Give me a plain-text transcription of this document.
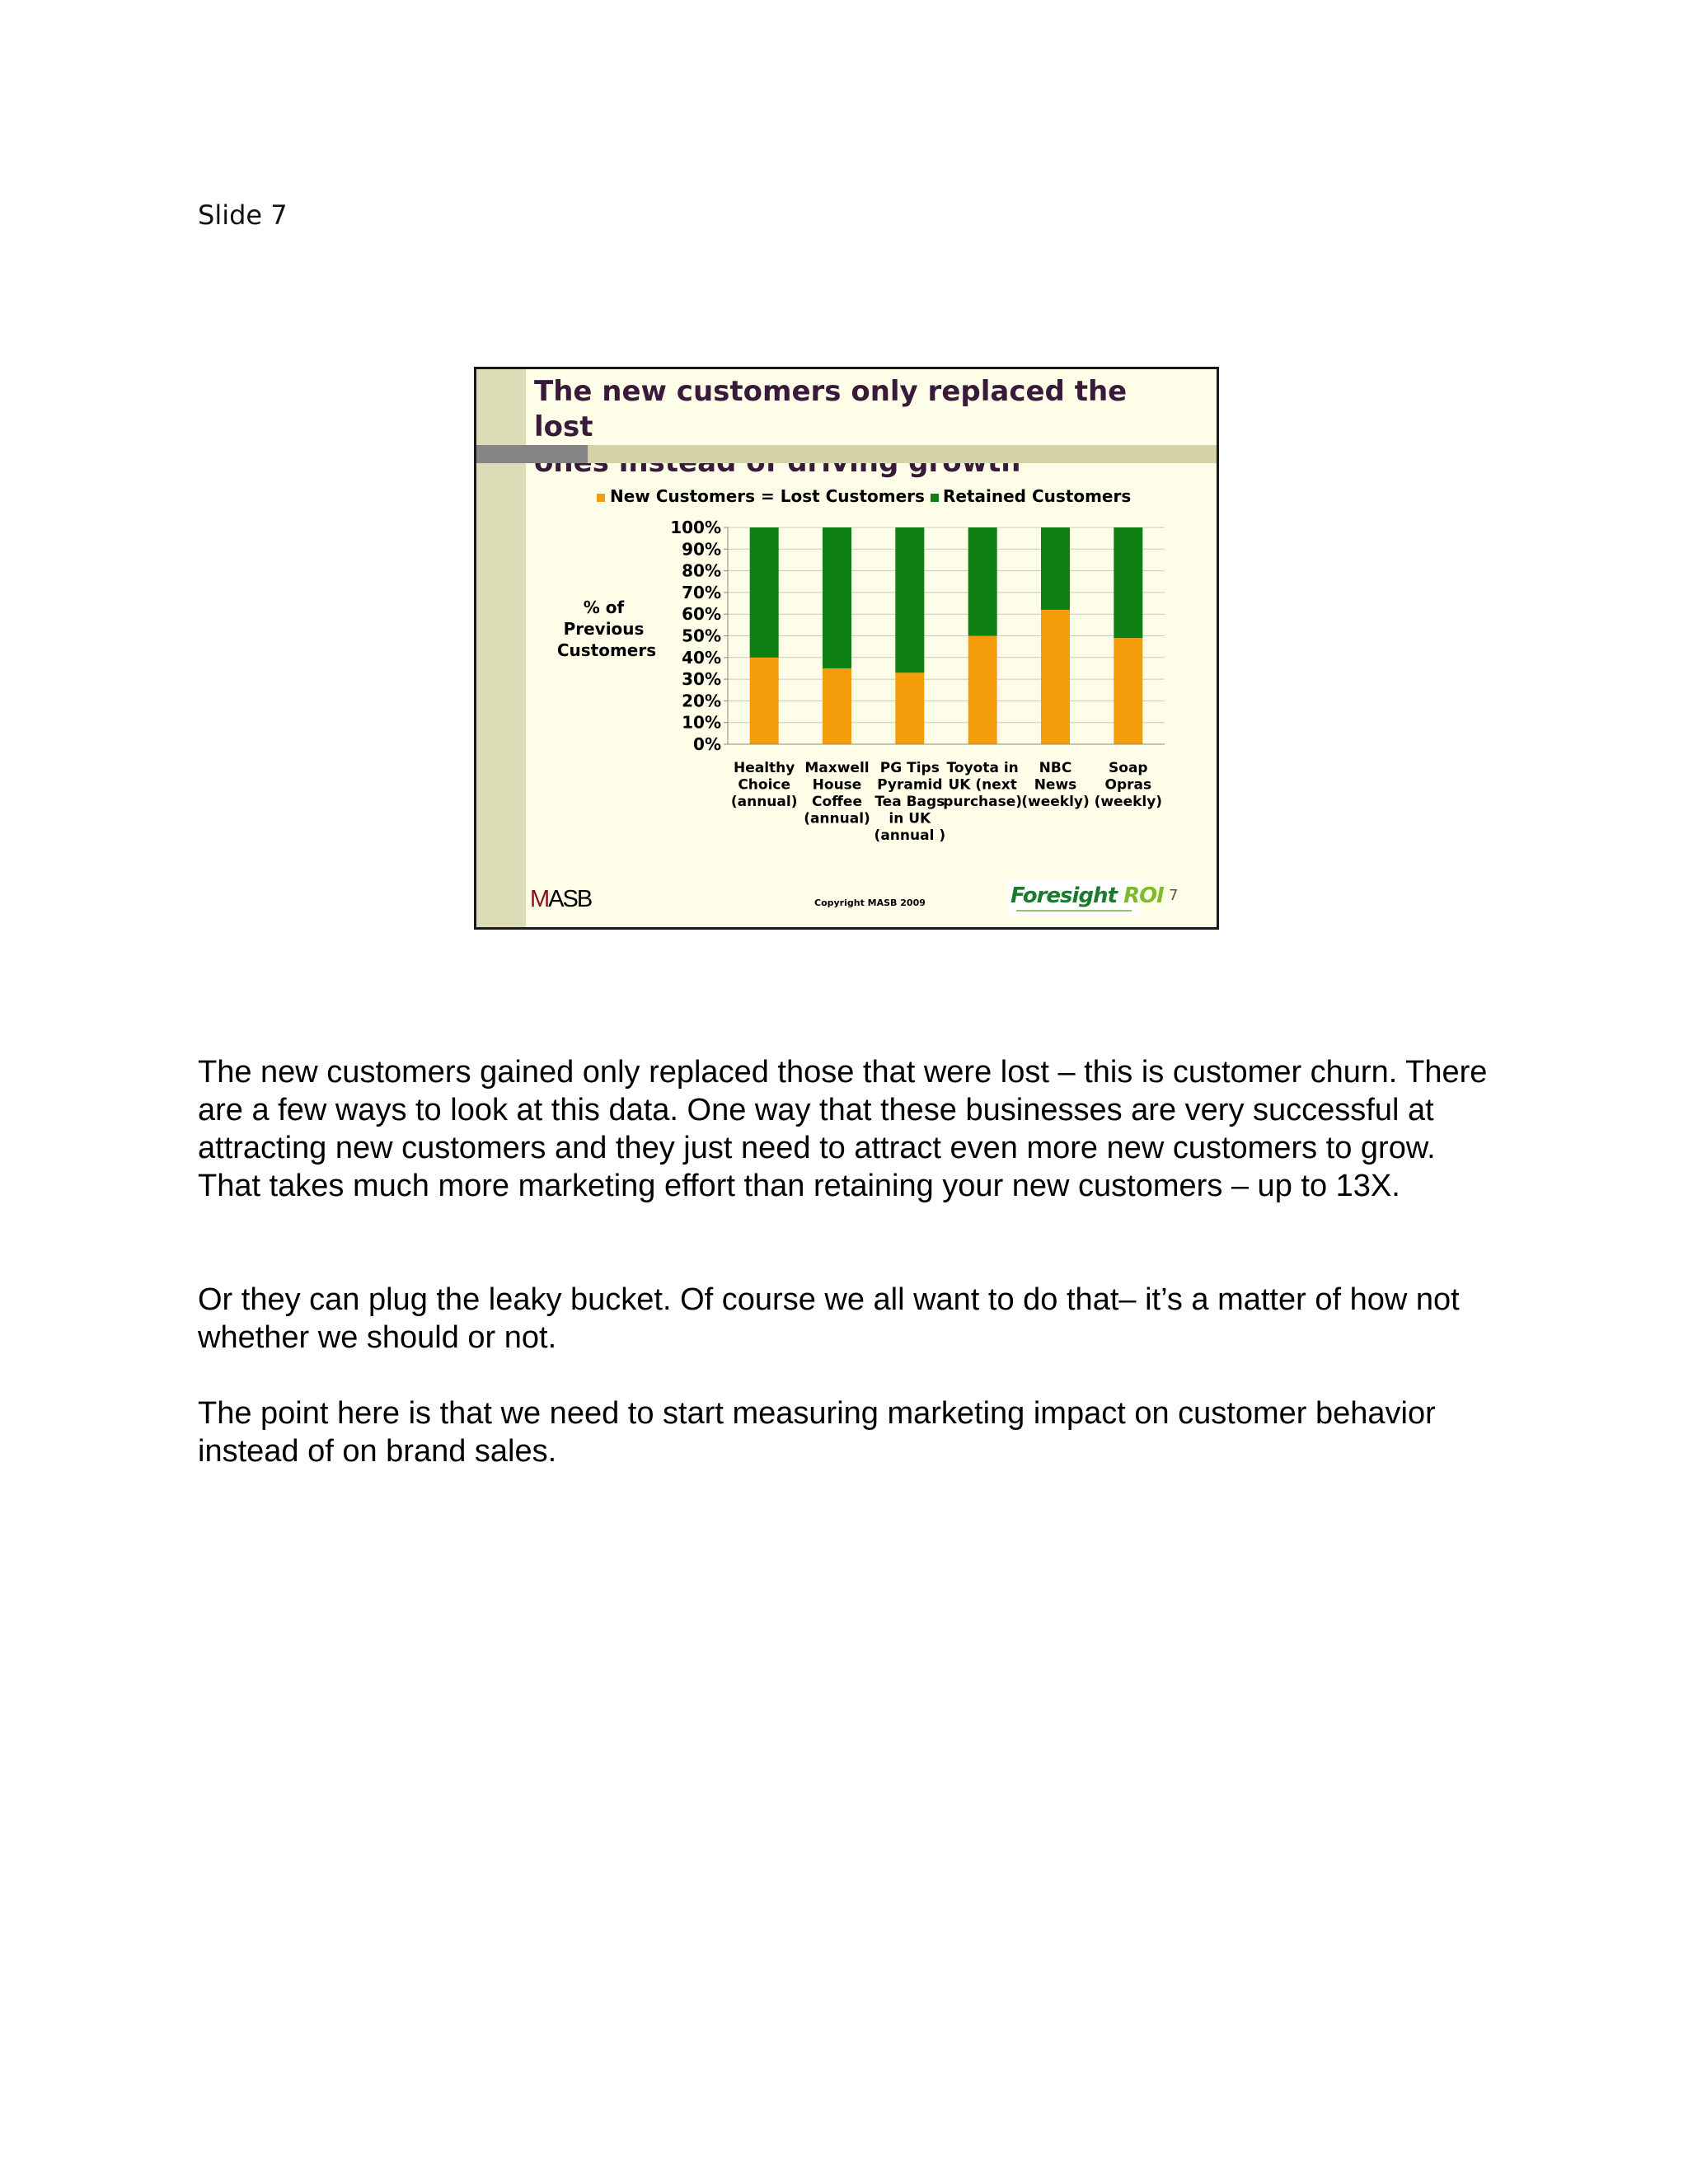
Slide 7
The new customers only replaced the lost
New Customers = Lost Customers Retained Customers
% of Previous Customers
0%
10%
20%
30%
40%
50%
60%
70%
80%
90%
100%
Healthy Choice (annual)
Maxwell House Coffee (annual)
PG Tips Pyramid Tea Bags in UK (annual )
Toyota in UK (next purchase)
NBC News (weekly)
Soap Opras (weekly)
MASB	Copyright MASB 2009	Foresight ROI 7
The new customers gained only replaced those that were lost – this is customer churn. There are a few ways to look at this data. One way that these businesses are very successful at attracting new customers and they just need to attract even more new customers to grow. That takes much more marketing effort than retaining your new customers – up to 13X.
Or they can plug the leaky bucket. Of course we all want to do that– it’s a matter of how not whether we should or not.
The point here is that we need to start measuring marketing impact on customer behavior instead of on brand sales.
